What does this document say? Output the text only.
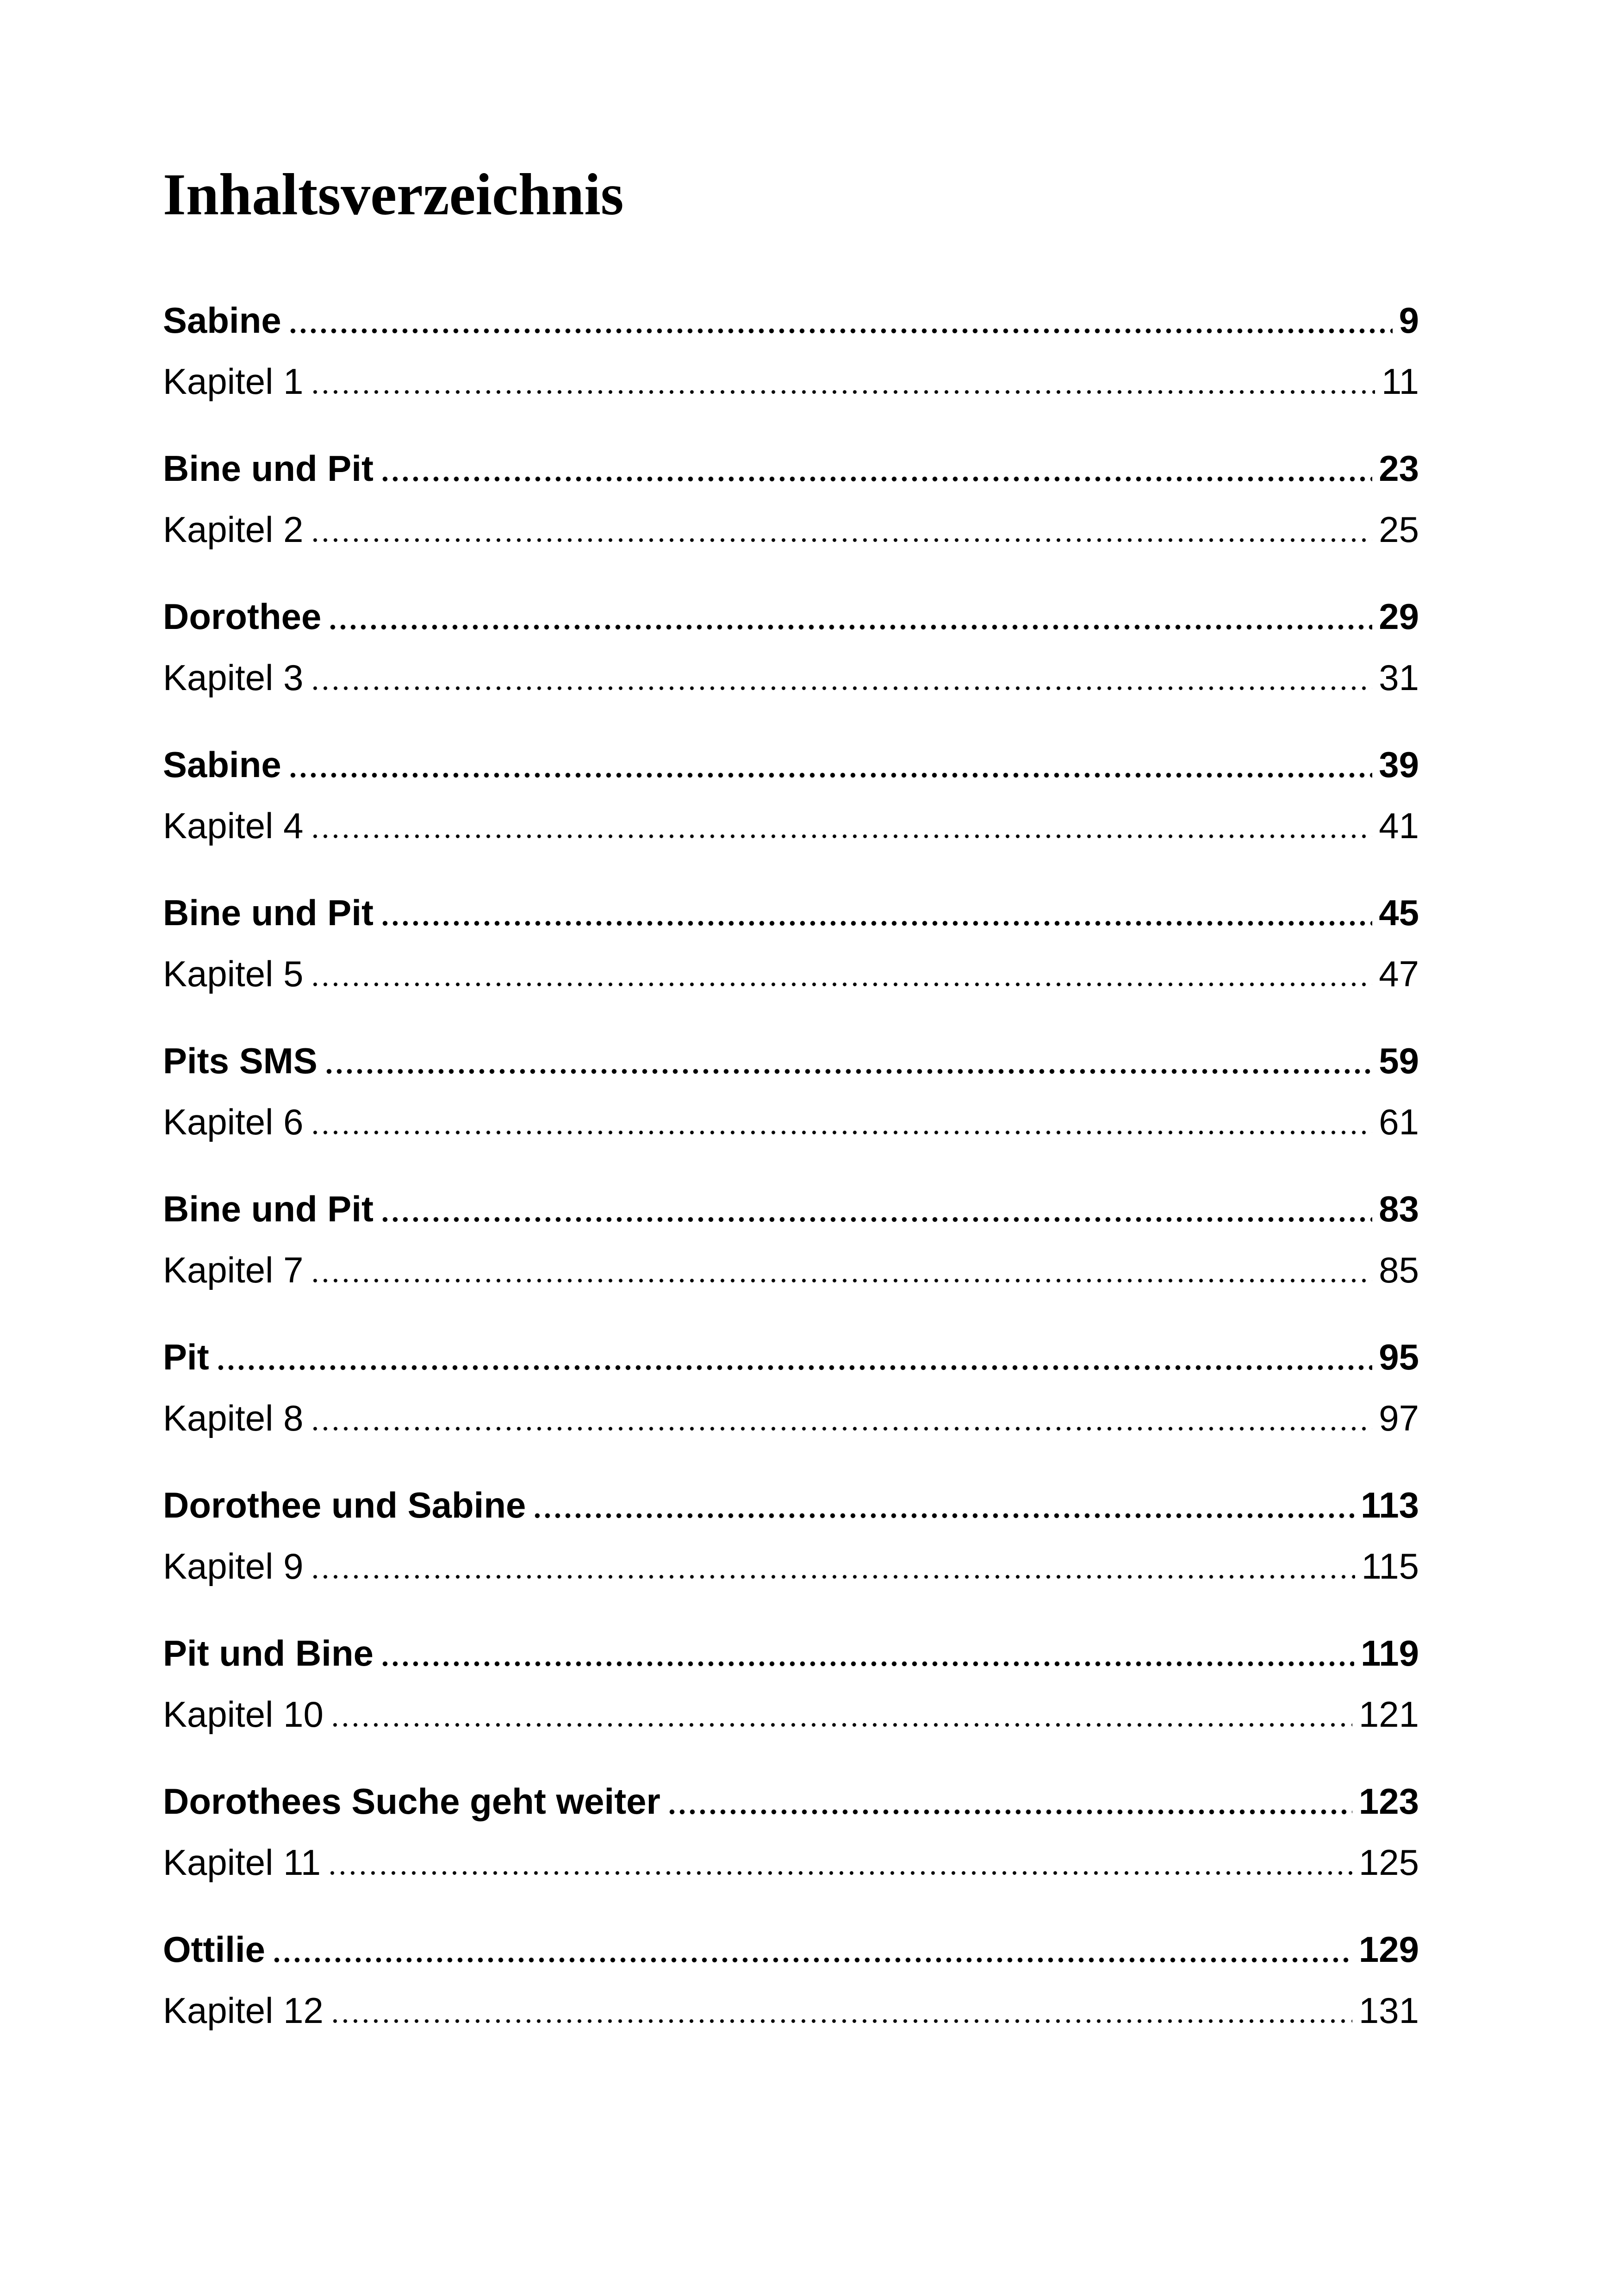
Inhaltsverzeichnis
Sabine	9
Kapitel 1	11
Bine und Pit	23
Kapitel 2	25
Dorothee	29
Kapitel 3	31
Sabine	39
Kapitel 4	41
Bine und Pit	45
Kapitel 5	47
Pits SMS	59
Kapitel 6	61
Bine und Pit	83
Kapitel 7	85
Pit	95
Kapitel 8	97
Dorothee und Sabine	113
Kapitel 9	115
Pit und Bine	119
Kapitel 10	121
Dorothees Suche geht weiter	123
Kapitel 11	125
Ottilie	129
Kapitel 12	131
